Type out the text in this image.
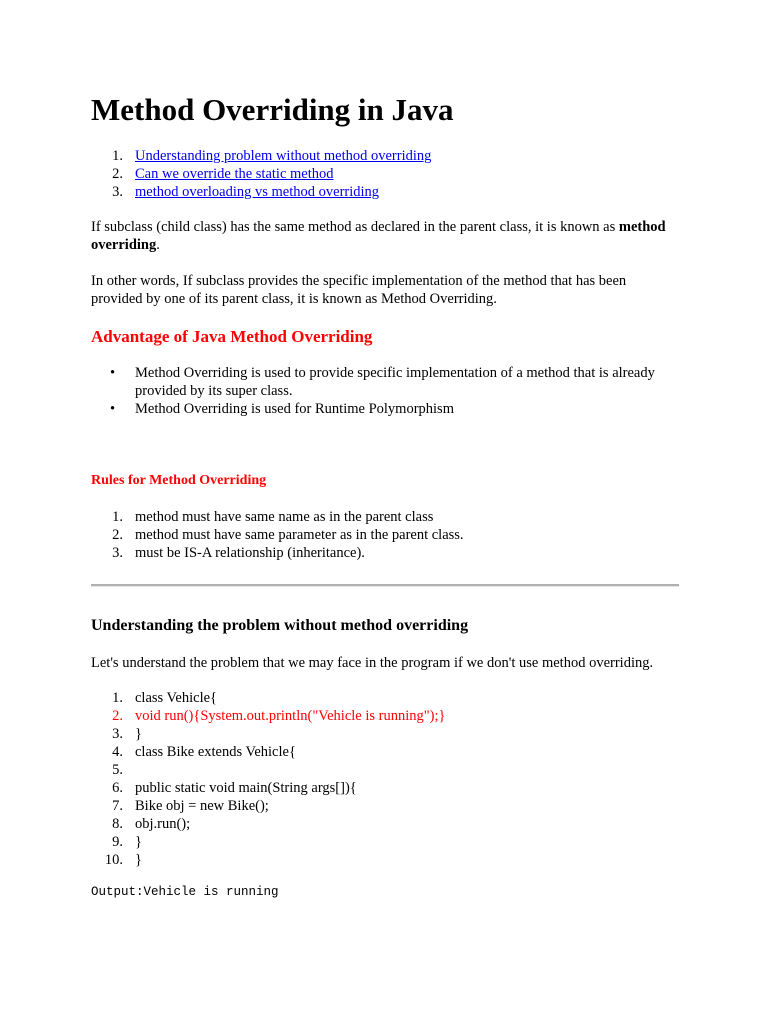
Method Overriding in Java
1. Understanding problem without method overriding
2. Can we override the static method
3. method overloading vs method overriding

If subclass (child class) has the same method as declared in the parent class, it is known as method overriding.

In other words, If subclass provides the specific implementation of the method that has been provided by one of its parent class, it is known as Method Overriding.

Advantage of Java Method Overriding
• Method Overriding is used to provide specific implementation of a method that is already provided by its super class.
• Method Overriding is used for Runtime Polymorphism
Rules for Method Overriding
1. method must have same name as in the parent class
2. method must have same parameter as in the parent class.
3. must be IS-A relationship (inheritance).
Understanding the problem without method overriding

Let's understand the problem that we may face in the program if we don't use method overriding.

1. class Vehicle{
2. void run(){System.out.println("Vehicle is running");}
3. }
4. class Bike extends Vehicle{
5.
6. public static void main(String args[]){
7. Bike obj = new Bike();
8. obj.run();
9. }
10. }
Output:Vehicle is running
